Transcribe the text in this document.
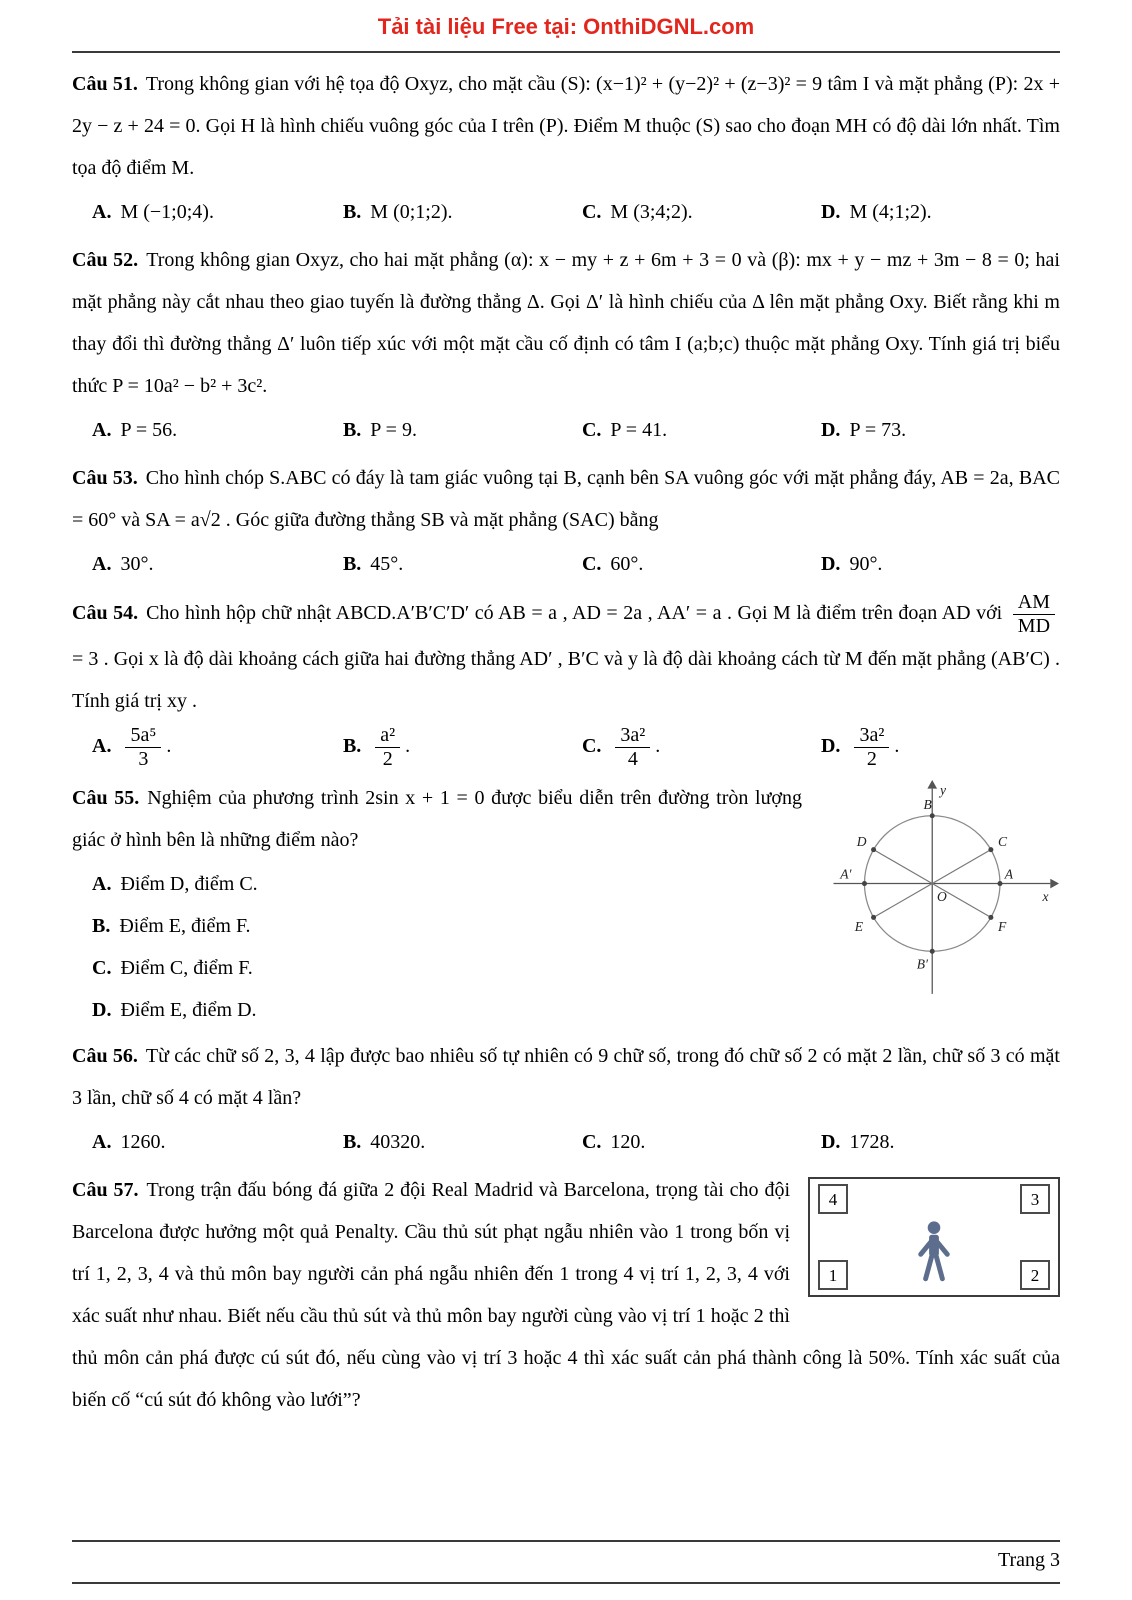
Tải tài liệu Free tại: OnthiDGNL.com

Câu 51. Trong không gian với hệ tọa độ Oxyz, cho mặt cầu (S): (x−1)² + (y−2)² + (z−3)² = 9 tâm I và mặt phẳng (P): 2x + 2y − z + 24 = 0. Gọi H là hình chiếu vuông góc của I trên (P). Điểm M thuộc (S) sao cho đoạn MH có độ dài lớn nhất. Tìm tọa độ điểm M.

A. M (−1;0;4).	B. M (0;1;2).	C. M (3;4;2).	D. M (4;1;2).

Câu 52. Trong không gian Oxyz, cho hai mặt phẳng (α): x − my + z + 6m + 3 = 0 và (β): mx + y − mz + 3m − 8 = 0; hai mặt phẳng này cắt nhau theo giao tuyến là đường thẳng Δ. Gọi Δ′ là hình chiếu của Δ lên mặt phẳng Oxy. Biết rằng khi m thay đổi thì đường thẳng Δ′ luôn tiếp xúc với một mặt cầu cố định có tâm I (a;b;c) thuộc mặt phẳng Oxy. Tính giá trị biểu thức P = 10a² − b² + 3c².

A. P = 56.	B. P = 9.	C. P = 41.	D. P = 73.

Câu 53. Cho hình chóp S.ABC có đáy là tam giác vuông tại B, cạnh bên SA vuông góc với mặt phẳng đáy, AB = 2a, BAC = 60° và SA = a√2 . Góc giữa đường thẳng SB và mặt phẳng (SAC) bằng

A. 30°.	B. 45°.	C. 60°.	D. 90°.

Câu 54. Cho hình hộp chữ nhật ABCD.A′B′C′D′ có AB = a , AD = 2a , AA′ = a . Gọi M là điểm trên đoạn AD với $\frac{AM}{MD}$
= 3 . Gọi x là độ dài khoảng cách giữa hai đường thẳng AD′ , B′C và y là độ dài khoảng cách từ M đến mặt phẳng (AB′C) . Tính giá trị xy .

A. $\frac{\text{5a⁵}}{3}$ .	B. $\frac{\text{a²}}{2}$ .	C. $\frac{\text{3a²}}{4}$ .	D. $\frac{\text{3a²}}{2}$ .
y
x
B
C
D
A
A′
O
E	F
B′

Câu 55. Nghiệm của phương trình 2sin x + 1 = 0 được biểu diễn trên đường tròn lượng giác ở hình bên là những điểm nào?

A. Điểm D, điểm C.
B. Điểm E, điểm F.
C. Điểm C, điểm F.
D. Điểm E, điểm D.

Câu 56. Từ các chữ số 2, 3, 4 lập được bao nhiêu số tự nhiên có 9 chữ số, trong đó chữ số 2 có mặt 2 lần, chữ số 3 có mặt 3 lần, chữ số 4 có mặt 4 lần?

A. 1260.	B. 40320.	C. 120.	D. 1728.
4	3
1	2

Câu 57. Trong trận đấu bóng đá giữa 2 đội Real Madrid và Barcelona, trọng tài cho đội Barcelona được hưởng một quả Penalty. Cầu thủ sút phạt ngẫu nhiên vào 1 trong bốn vị trí 1, 2, 3, 4 và thủ môn bay người cản phá ngẫu nhiên đến 1 trong 4 vị trí 1, 2, 3, 4 với xác suất như nhau. Biết nếu cầu thủ sút và thủ môn bay người cùng vào vị trí 1 hoặc 2 thì thủ môn cản phá được cú sút đó, nếu cùng vào vị trí 3 hoặc 4 thì xác suất cản phá thành công là 50%. Tính xác suất của biến cố “cú sút đó không vào lưới”?

Trang 3
